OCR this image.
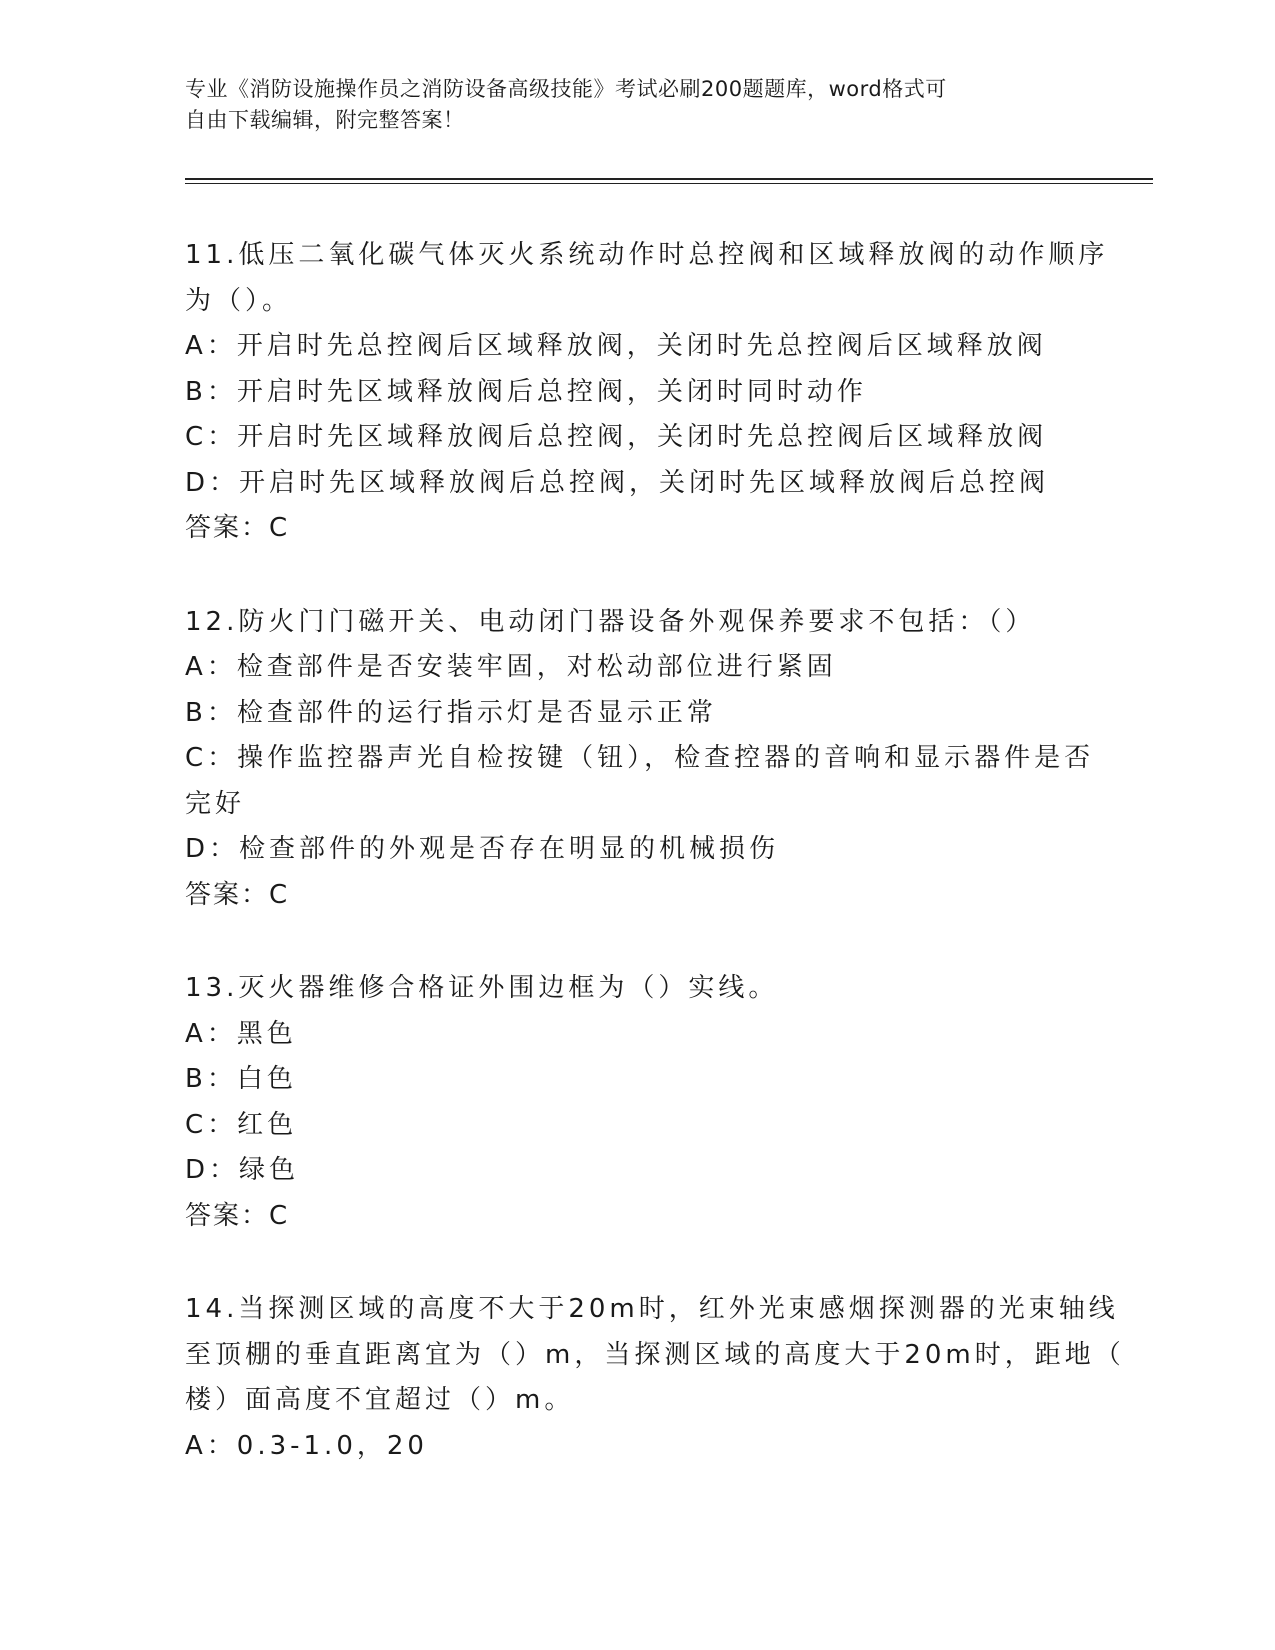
专业《消防设施操作员之消防设备高级技能》考试必刷200题题库，word格式可
自由下载编辑，附完整答案！
11.低压二氧化碳气体灭火系统动作时总控阀和区域释放阀的动作顺序
为（）。
A：开启时先总控阀后区域释放阀，关闭时先总控阀后区域释放阀
B：开启时先区域释放阀后总控阀，关闭时同时动作
C：开启时先区域释放阀后总控阀，关闭时先总控阀后区域释放阀
D：开启时先区域释放阀后总控阀，关闭时先区域释放阀后总控阀
答案：C
12.防火门门磁开关、电动闭门器设备外观保养要求不包括：（）
A：检查部件是否安装牢固，对松动部位进行紧固
B：检查部件的运行指示灯是否显示正常
C：操作监控器声光自检按键（钮），检查控器的音响和显示器件是否
完好
D：检查部件的外观是否存在明显的机械损伤
答案：C
13.灭火器维修合格证外围边框为（）实线。
A：黑色
B：白色
C：红色
D：绿色
答案：C
14.当探测区域的高度不大于20m时，红外光束感烟探测器的光束轴线
至顶棚的垂直距离宜为（）m，当探测区域的高度大于20m时，距地（
楼）面高度不宜超过（）m。
A：0.3-1.0，20
